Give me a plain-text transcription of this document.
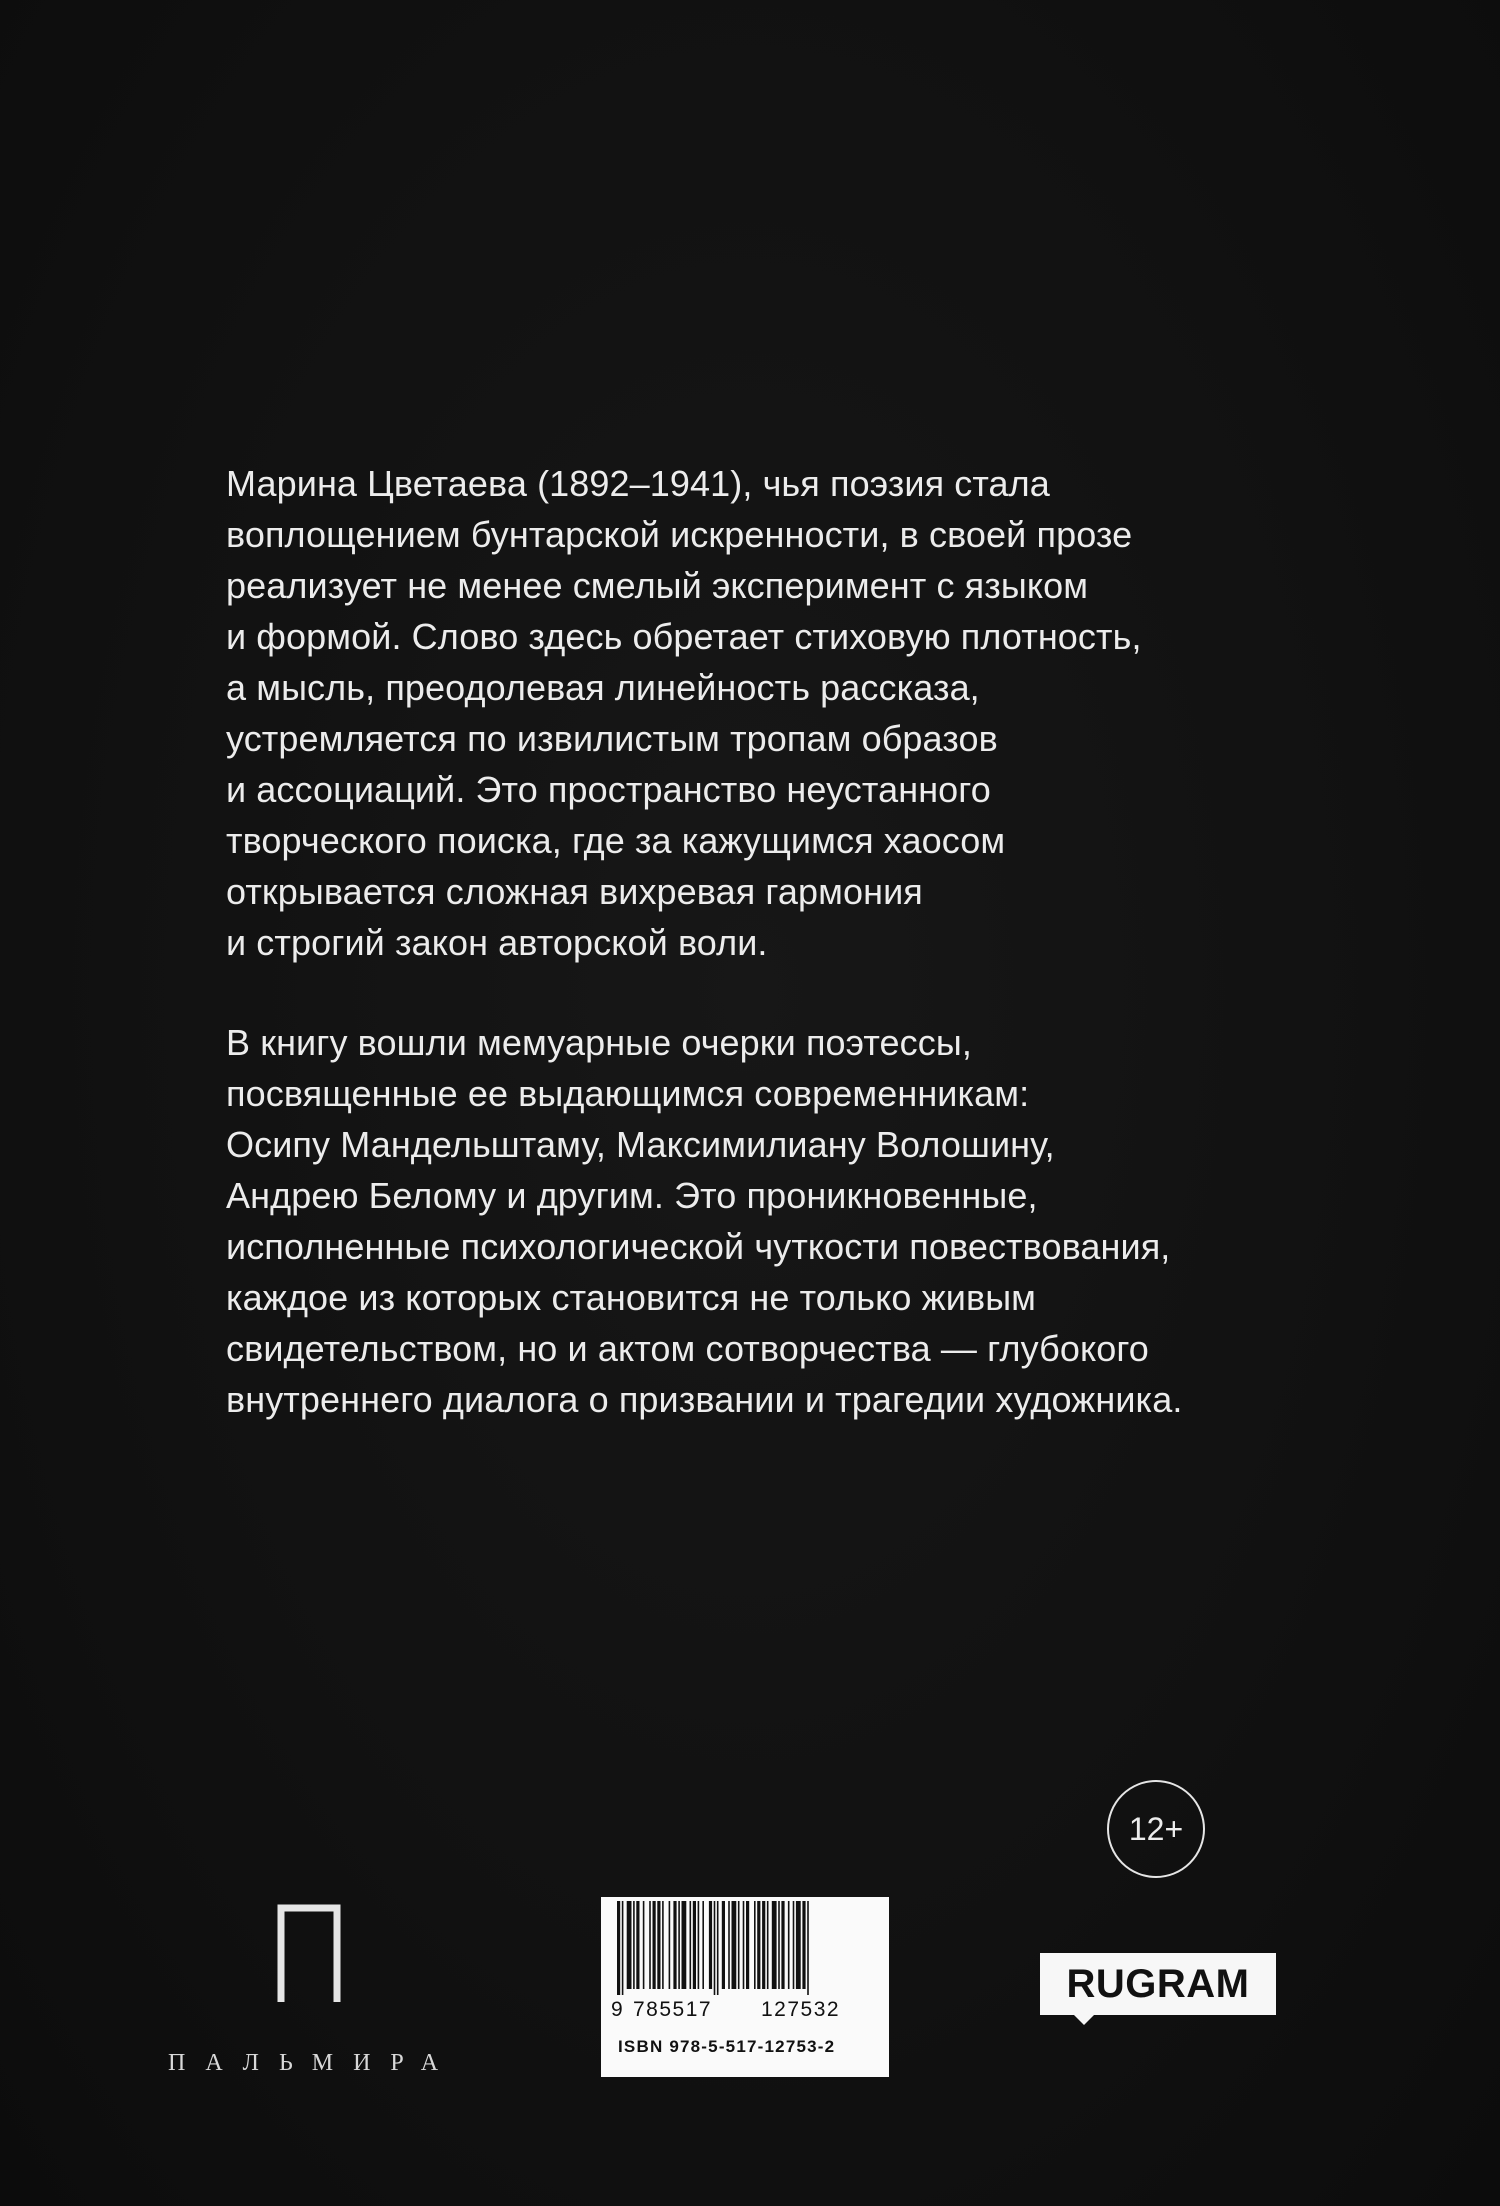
Марина Цветаева (1892–1941), чья поэзия стала
воплощением бунтарской искренности, в своей прозе
реализует не менее смелый эксперимент с языком
и формой. Слово здесь обретает стиховую плотность,
а мысль, преодолевая линейность рассказа,
устремляется по извилистым тропам образов
и ассоциаций. Это пространство неустанного
творческого поиска, где за кажущимся хаосом
открывается сложная вихревая гармония
и строгий закон авторской воли.
В книгу вошли мемуарные очерки поэтессы,
посвященные ее выдающимся современникам:
Осипу Мандельштаму, Максимилиану Волошину,
Андрею Белому и другим. Это проникновенные,
исполненные психологической чуткости повествования,
каждое из которых становится не только живым
свидетельством, но и актом сотворчества — глубокого
внутреннего диалога о призвании и трагедии художника.
12+
ПАЛЬМИРА
9 785517 127532
ISBN 978-5-517-12753-2
RUGRAM
